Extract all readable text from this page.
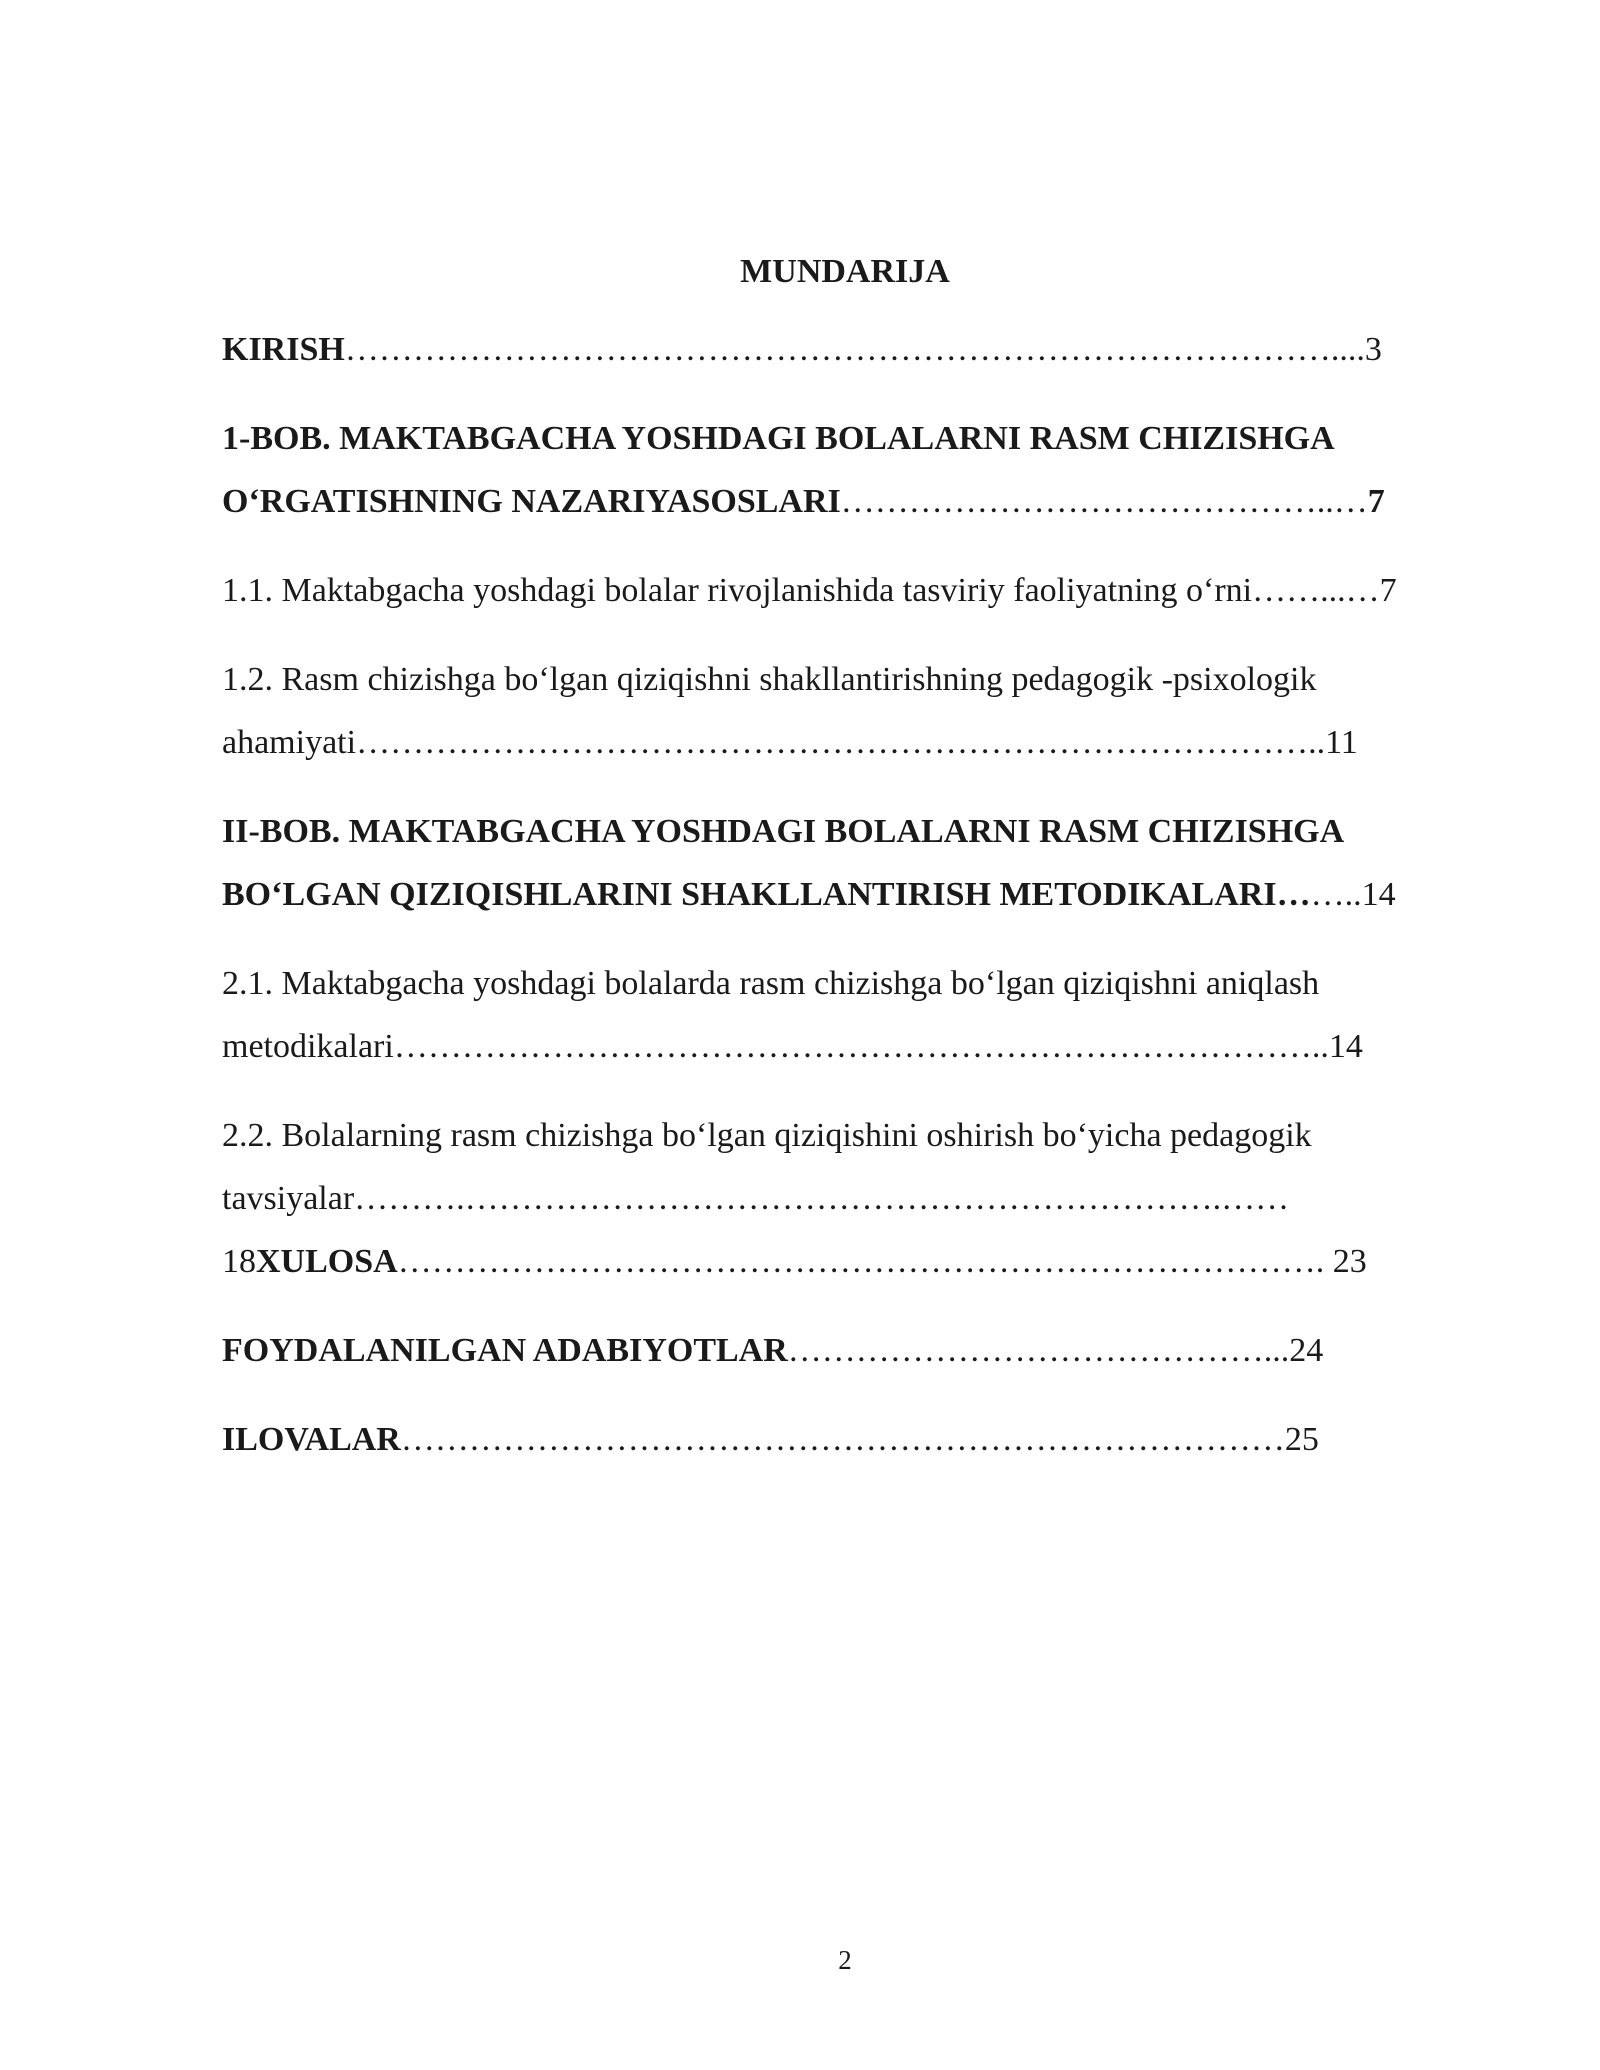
MUNDARIJA

KIRISH……………………………………………………………………………....3

1-BOB. MAKTABGACHA YOSHDAGI BOLALARNI RASM CHIZISHGA O‘RGATISHNING NAZARIYASOSLARI……………………………………..…7

1.1. Maktabgacha yoshdagi bolalar rivojlanishida tasviriy faoliyatning o‘rni……...…7

1.2. Rasm chizishga bo‘lgan qiziqishni shakllantirishning pedagogik -psixologik ahamiyati…………………………………………………………………………..11

II-BOB. MAKTABGACHA YOSHDAGI BOLALARNI RASM CHIZISHGA BO‘LGAN QIZIQISHLARINI SHAKLLANTIRISH METODIKALARI……..14

2.1. Maktabgacha yoshdagi bolalarda rasm chizishga bo‘lgan qiziqishni aniqlash metodikalari………………………………………………………………………..14

2.2. Bolalarning rasm chizishga bo‘lgan qiziqishini oshirish bo‘yicha pedagogik tavsiyalar……….………………………………………………………….…… 18XULOSA………………………………………………………………………. 23

FOYDALANILGAN ADABIYOTLAR……………………………………...24

ILOVALAR……………………………………………………………………25

2
